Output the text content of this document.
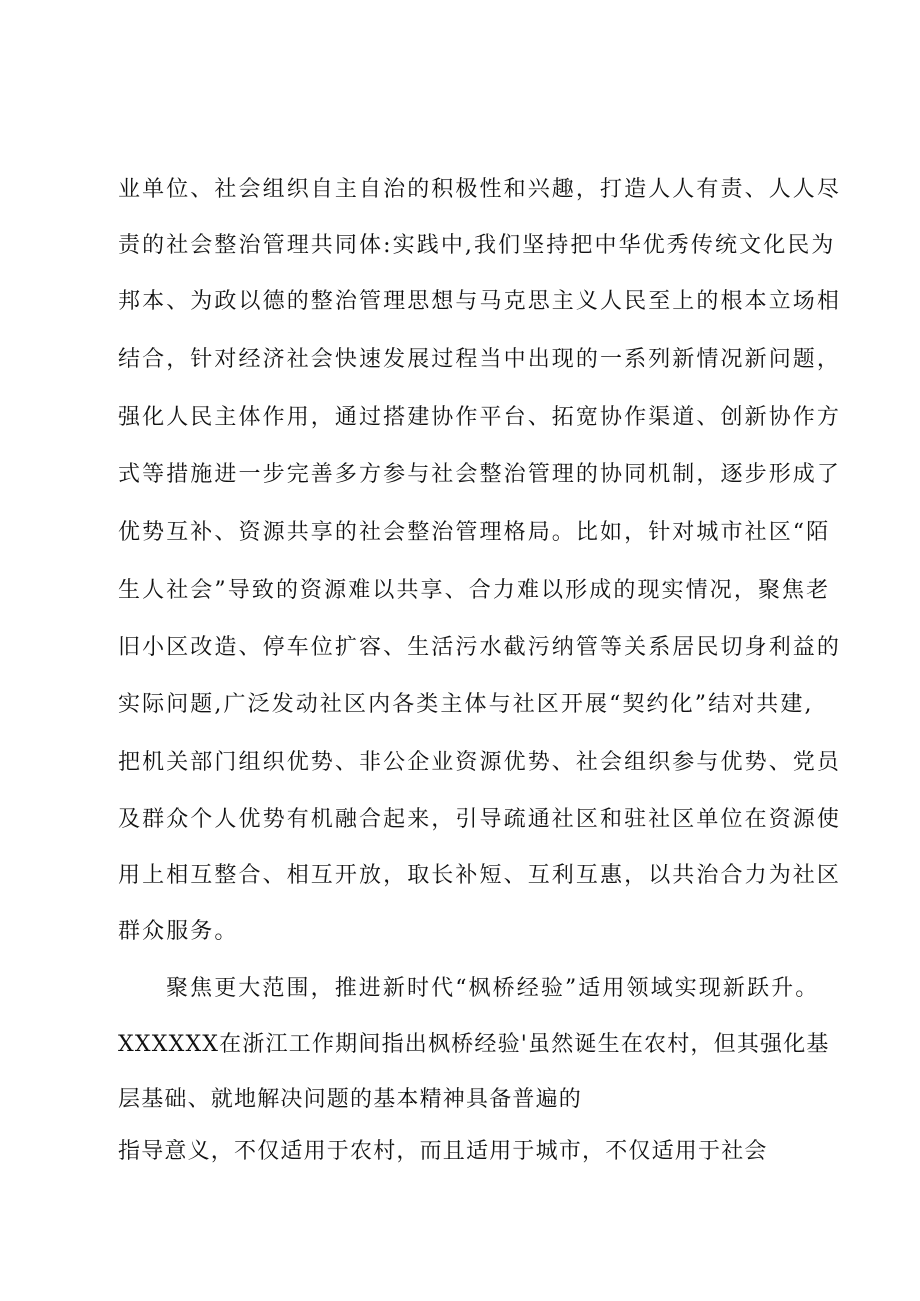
业单位、社会组织自主自治的积极性和兴趣，打造人人有责、人人尽
责的社会整治管理共同体:实践中,我们坚持把中华优秀传统文化民为
邦本、为政以德的整治管理思想与马克思主义人民至上的根本立场相
结合，针对经济社会快速发展过程当中出现的一系列新情况新问题，
强化人民主体作用，通过搭建协作平台、拓宽协作渠道、创新协作方
式等措施进一步完善多方参与社会整治管理的协同机制，逐步形成了
优势互补、资源共享的社会整治管理格局。比如，针对城市社区“陌
生人社会”导致的资源难以共享、合力难以形成的现实情况，聚焦老
旧小区改造、停车位扩容、生活污水截污纳管等关系居民切身利益的
实际问题,广泛发动社区内各类主体与社区开展“契约化”结对共建,
把机关部门组织优势、非公企业资源优势、社会组织参与优势、党员
及群众个人优势有机融合起来，引导疏通社区和驻社区单位在资源使
用上相互整合、相互开放，取长补短、互利互惠，以共治合力为社区
群众服务。
聚焦更大范围，推进新时代“枫桥经验”适用领域实现新跃升。
XXXXXX在浙江工作期间指出枫桥经验'虽然诞生在农村，但其强化基
层基础、就地解决问题的基本精神具备普遍的
指导意义，不仅适用于农村，而且适用于城市，不仅适用于社会
